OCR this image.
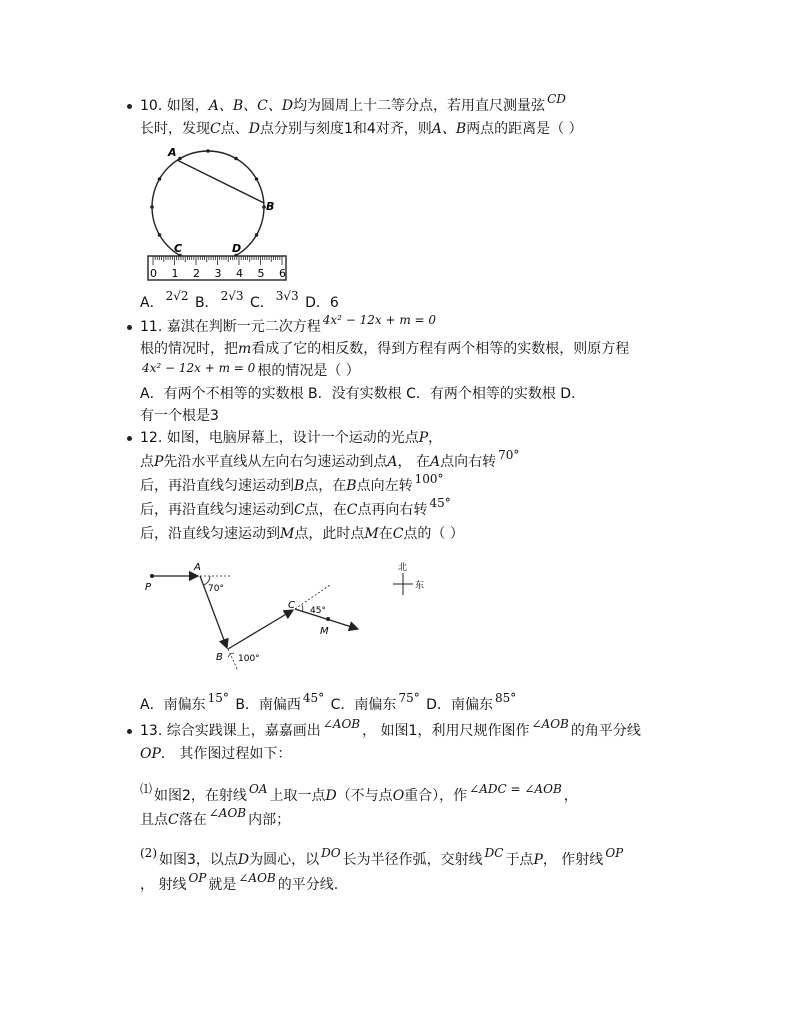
10. 如图，A、B、C、D均为圆周上十二等分点，若用直尺测量弦 CD
长时，发现C点、D点分别与刻度1和4对齐，则A、B两点的距离是（ ）
A
B
C	D
0 1 2 3 4 5 6
A． 2√2 B． 2√3 C． 3√3 D．6
11. 嘉淇在判断一元二次方程 4x² − 12x + m = 0
根的情况时，把m看成了它的相反数，得到方程有两个相等的实数根，则原方程
4x² − 12x + m = 0 根的情况是（ ）
A．有两个不相等的实数根 B．没有实数根 C．有两个相等的实数根 D．
有一个根是3
12. 如图，电脑屏幕上，设计一个运动的光点P，
点P先沿水平直线从左向右匀速运动到点A， 在A点向右转 70°
后，再沿直线匀速运动到B点，在B点向左转 100°
后，再沿直线匀速运动到C点，在C点再向右转 45°
后，沿直线匀速运动到M点，此时点M在C点的（ ）
P
A
B
C
M
70°
100°
45°
北
东
A．南偏东 15° B．南偏西 45° C．南偏东 75° D．南偏东 85°
13. 综合实践课上，嘉嘉画出 ∠AOB ， 如图1，利用尺规作图作 ∠AOB 的角平分线
OP． 其作图过程如下：
⑴ 如图2，在射线 OA 上取一点D（不与点O重合），作 ∠ADC = ∠AOB ，
且点C落在 ∠AOB 内部；
(2) 如图3，以点D为圆心，以 DO 长为半径作弧，交射线 DC 于点P， 作射线 OP
， 射线 OP 就是 ∠AOB 的平分线.
